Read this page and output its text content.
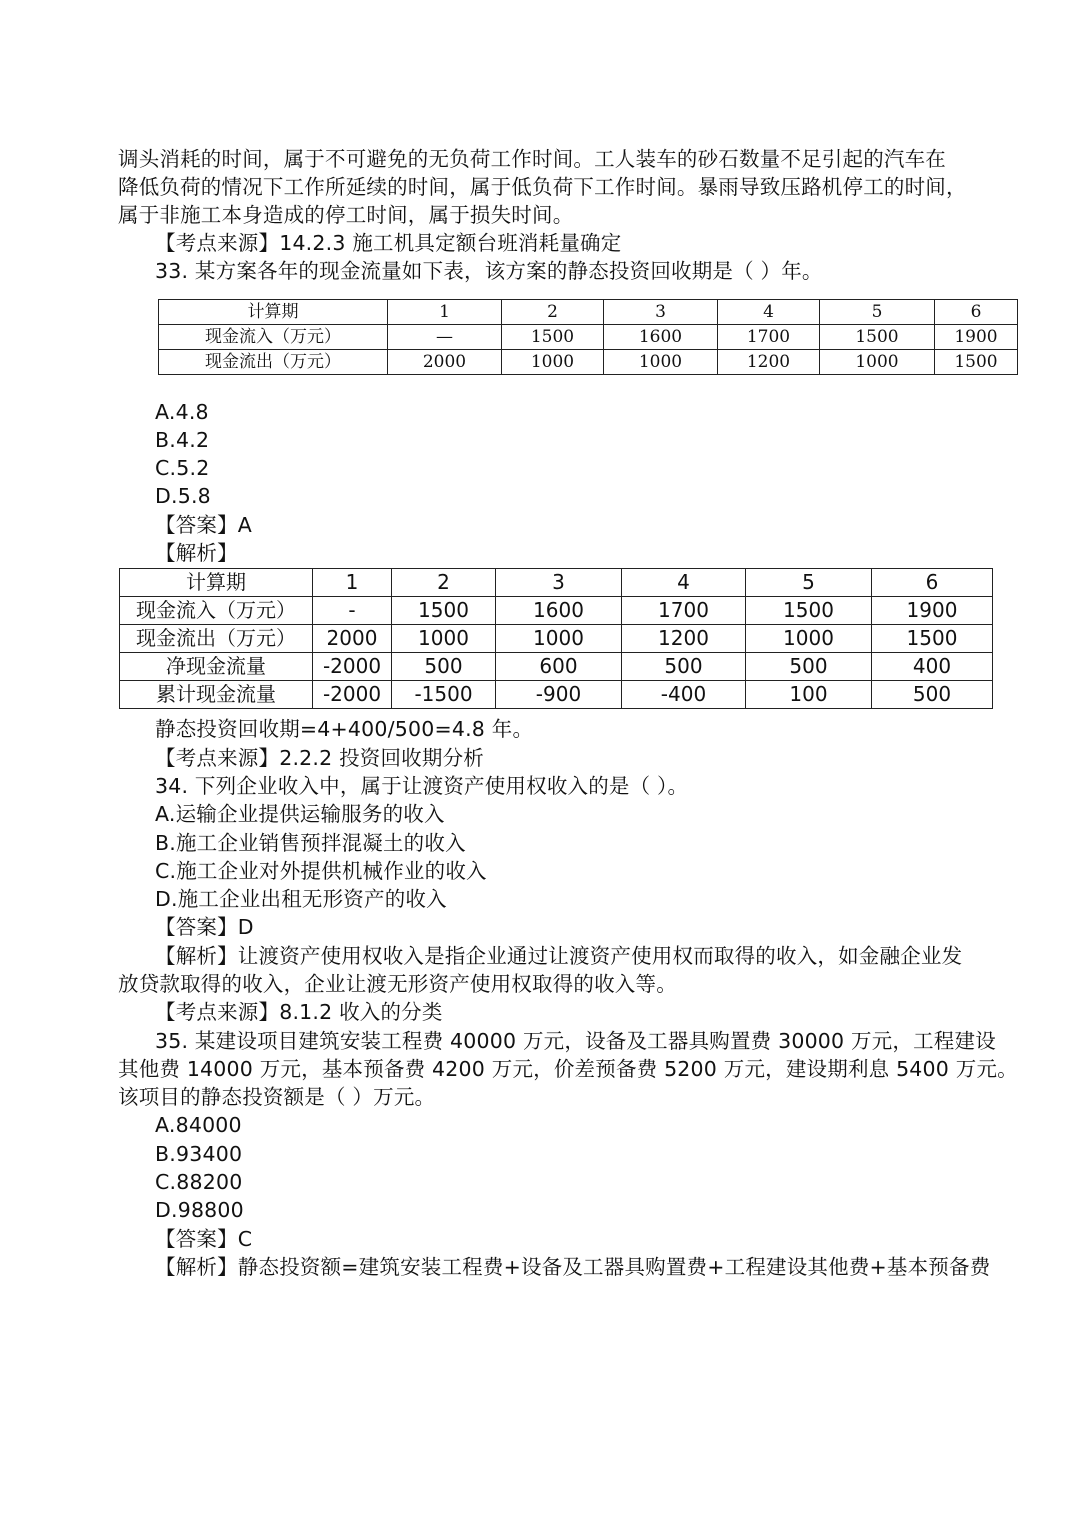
调头消耗的时间，属于不可避免的无负荷工作时间。工人装车的砂石数量不足引起的汽车在
降低负荷的情况下工作所延续的时间，属于低负荷下工作时间。暴雨导致压路机停工的时间，
属于非施工本身造成的停工时间，属于损失时间。
【考点来源】14.2.3 施工机具定额台班消耗量确定
33. 某方案各年的现金流量如下表，该方案的静态投资回收期是（ ）年。
计算期	1	2	3	4	5	6
现金流入（万元）	—	1500	1600	1700	1500	1900
现金流出（万元）	2000	1000	1000	1200	1000	1500
A.4.8
B.4.2
C.5.2
D.5.8
【答案】A
【解析】
计算期	1	2	3	4	5	6
现金流入（万元）	-	1500	1600	1700	1500	1900
现金流出（万元）	2000	1000	1000	1200	1000	1500
净现金流量	-2000	500	600	500	500	400
累计现金流量	-2000	-1500	-900	-400	100	500
静态投资回收期=4+400/500=4.8 年。
【考点来源】2.2.2 投资回收期分析
34. 下列企业收入中，属于让渡资产使用权收入的是（ ）。
A.运输企业提供运输服务的收入
B.施工企业销售预拌混凝土的收入
C.施工企业对外提供机械作业的收入
D.施工企业出租无形资产的收入
【答案】D
【解析】让渡资产使用权收入是指企业通过让渡资产使用权而取得的收入，如金融企业发
放贷款取得的收入，企业让渡无形资产使用权取得的收入等。
【考点来源】8.1.2 收入的分类
35. 某建设项目建筑安装工程费 40000 万元，设备及工器具购置费 30000 万元，工程建设
其他费 14000 万元，基本预备费 4200 万元，价差预备费 5200 万元，建设期利息 5400 万元。
该项目的静态投资额是（ ）万元。
A.84000
B.93400
C.88200
D.98800
【答案】C
【解析】静态投资额=建筑安装工程费+设备及工器具购置费+工程建设其他费+基本预备费
